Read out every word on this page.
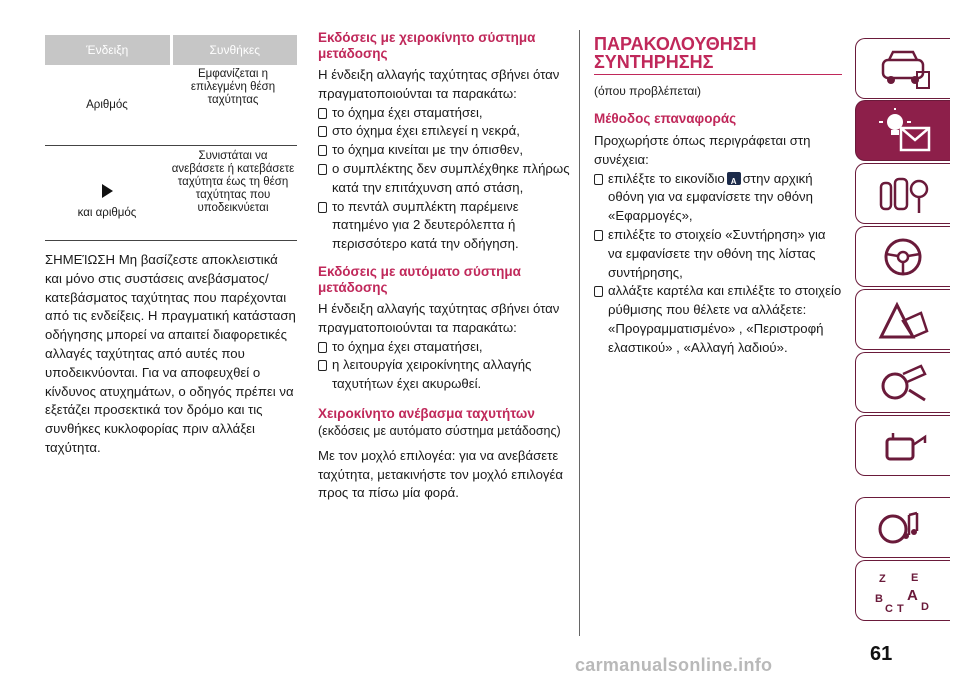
Ένδειξη	Συνθήκες
Αριθμός
Εμφανίζεται η επιλεγμένη θέση ταχύτητας
και αριθμός
Συνιστάται να ανεβάσετε ή κατεβάσετε ταχύτητα έως τη θέση ταχύτητας που υποδεικνύεται

ΣΗΜΕΊΩΣΗ Μη βασίζεστε αποκλειστικά και μόνο στις συστάσεις ανεβάσματος/κατεβάσματος ταχύτητας που παρέχονται από τις ενδείξεις. Η πραγματική κατάσταση οδήγησης μπορεί να απαιτεί διαφορετικές αλλαγές ταχύτητας από αυτές που υποδεικνύονται. Για να αποφευχθεί ο κίνδυνος ατυχημάτων, ο οδηγός πρέπει να εξετάζει προσεκτικά τον δρόμο και τις συνθήκες κυκλοφορίας πριν αλλάξει ταχύτητα.

Εκδόσεις με χειροκίνητο σύστημα μετάδοσης

Η ένδειξη αλλαγής ταχύτητας σβήνει όταν πραγματοποιούνται τα παρακάτω:

το όχημα έχει σταματήσει,
στο όχημα έχει επιλεγεί η νεκρά,
το όχημα κινείται με την όπισθεν,
ο συμπλέκτης δεν συμπλέχθηκε πλήρως κατά την επιτάχυνση από στάση,
το πεντάλ συμπλέκτη παρέμεινε πατημένο για 2 δευτερόλεπτα ή περισσότερο κατά την οδήγηση.
Εκδόσεις με αυτόματο σύστημα μετάδοσης

Η ένδειξη αλλαγής ταχύτητας σβήνει όταν πραγματοποιούνται τα παρακάτω:

το όχημα έχει σταματήσει,
η λειτουργία χειροκίνητης αλλαγής ταχυτήτων έχει ακυρωθεί.
Χειροκίνητο ανέβασμα ταχυτήτων

(εκδόσεις με αυτόματο σύστημα μετάδοσης)

Με τον μοχλό επιλογέα: για να ανεβάσετε ταχύτητα, μετακινήστε τον μοχλό επιλογέα προς τα πίσω μία φορά.

ΠΑΡΑΚΟΛΟΥΘΗΣΗ ΣΥΝΤΗΡΗΣΗΣ

(όπου προβλέπεται)

Μέθοδος επαναφοράς

Προχωρήστε όπως περιγράφεται στη συνέχεια:

επιλέξτε το εικονίδιοA στην αρχική οθόνη για να εμφανίσετε την οθόνη «Εφαρμογές»,
επιλέξτε το στοιχείο «Συντήρηση» για να εμφανίσετε την οθόνη της λίστας συντήρησης,
αλλάξτε καρτέλα και επιλέξτε το στοιχείο ρύθμισης που θέλετε να αλλάξετε: «Προγραμματισμένο» , «Περιστροφή ελαστικού» , «Αλλαγή λαδιού».
Z E
B A
C T D
61
carmanualsonline.info
